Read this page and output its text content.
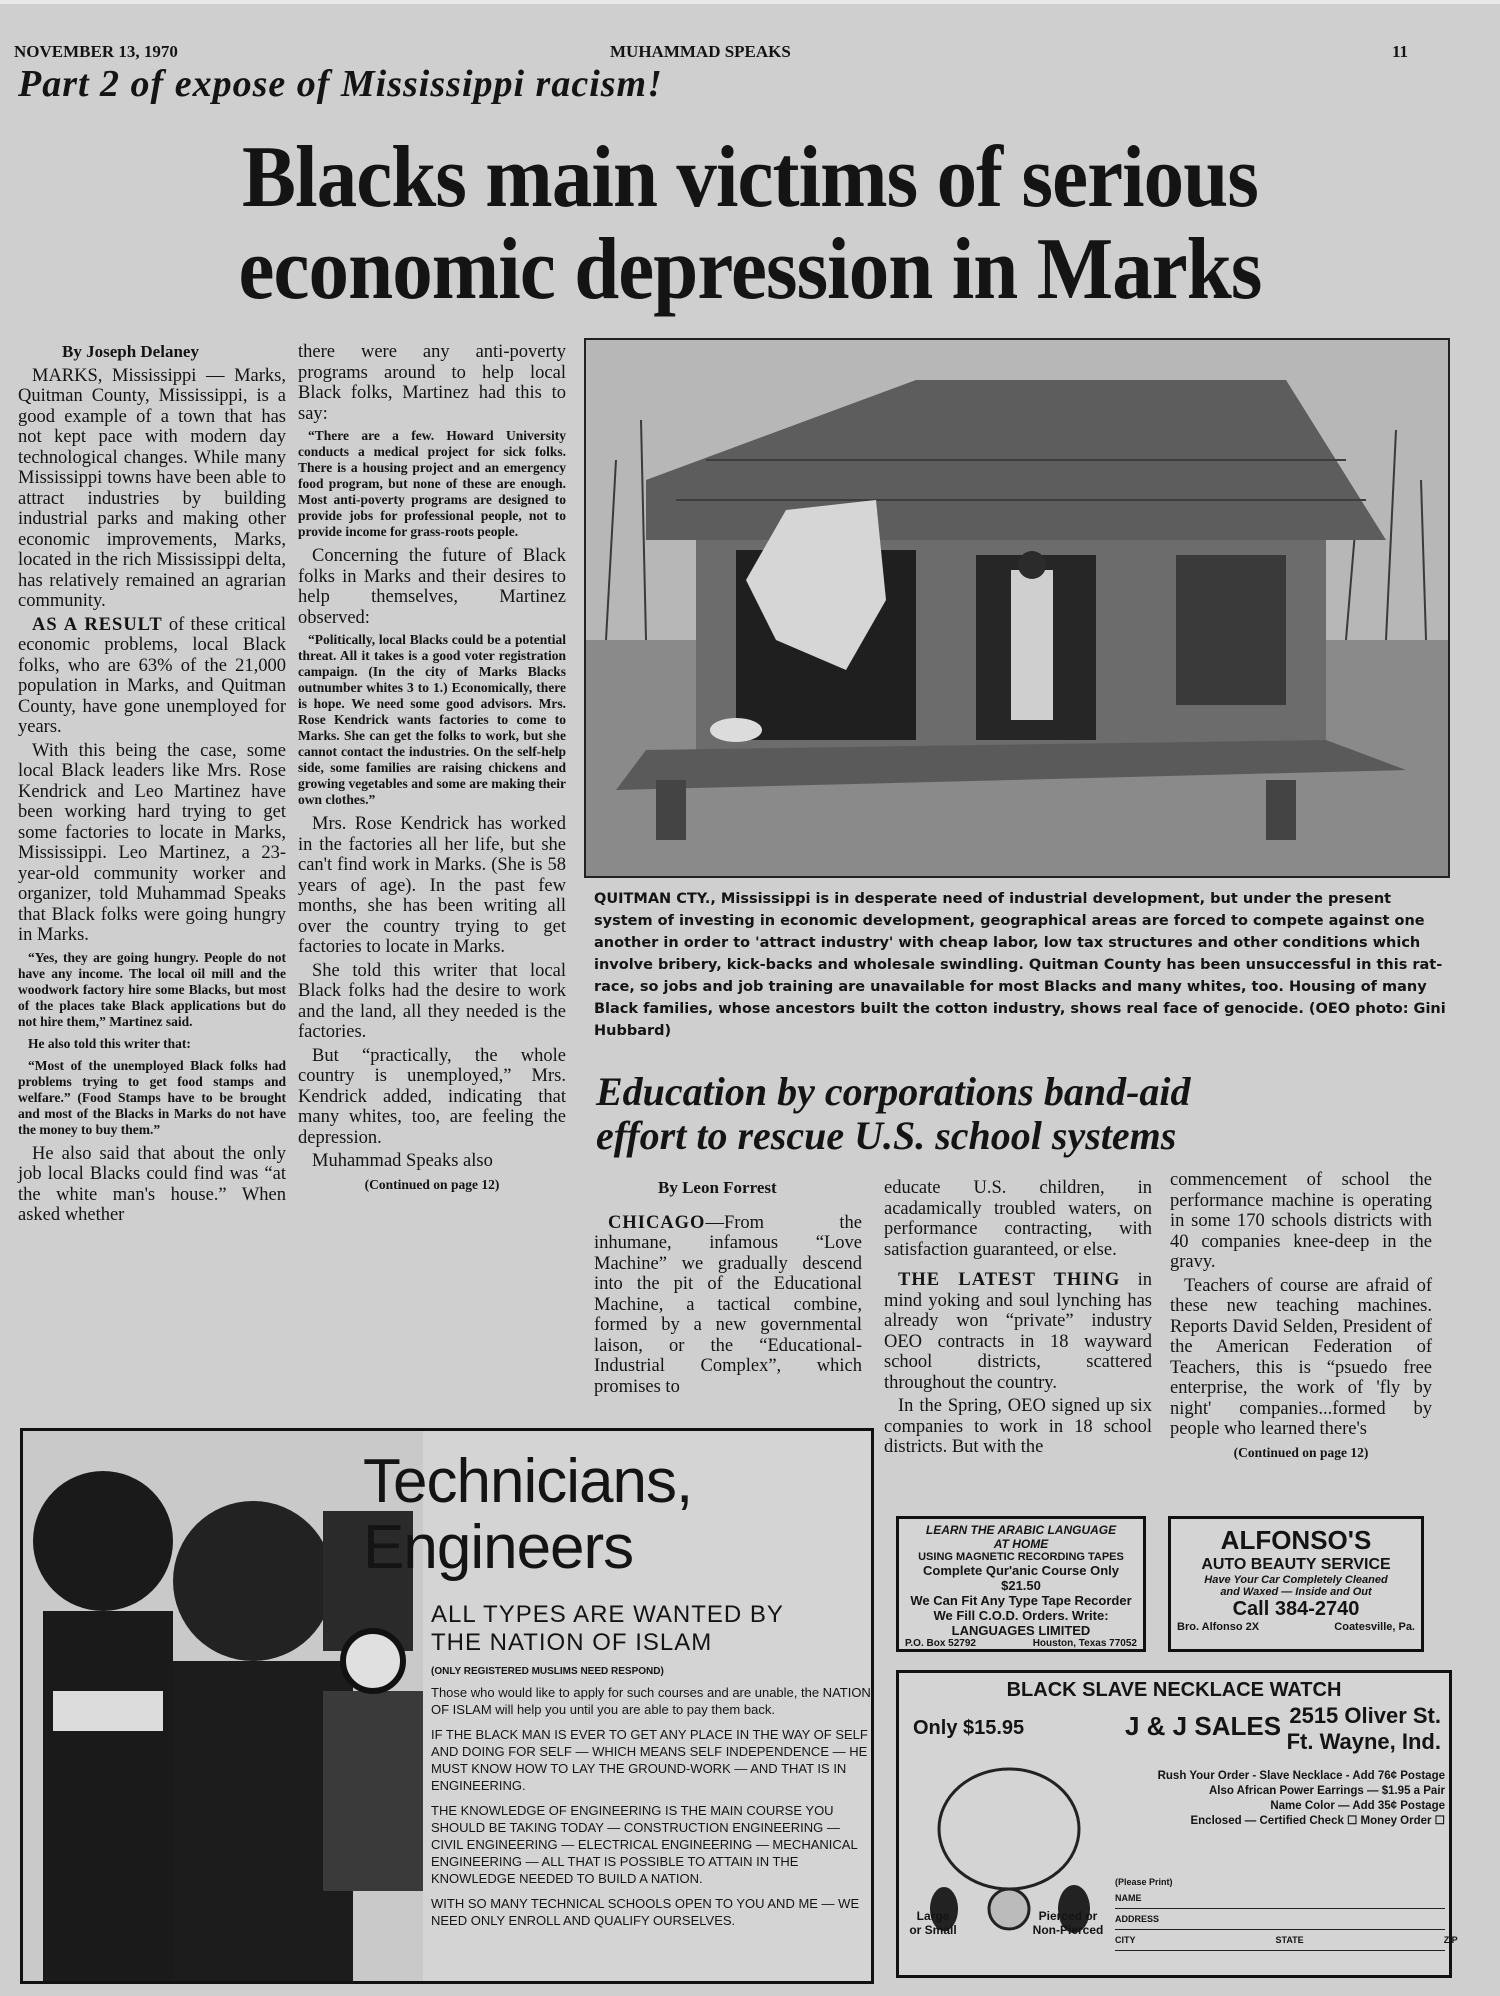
NOVEMBER 13, 1970	MUHAMMAD SPEAKS	11
Part 2 of expose of Mississippi racism!
Blacks main victims of serious
economic depression in Marks

By Joseph Delaney

MARKS, Mississippi — Marks, Quitman County, Mississippi, is a good example of a town that has not kept pace with modern day technological changes. While many Mississippi towns have been able to attract industries by building industrial parks and making other economic improvements, Marks, located in the rich Mississippi delta, has relatively remained an agrarian community.

AS A RESULT of these critical economic problems, local Black folks, who are 63% of the 21,000 population in Marks, and Quitman County, have gone unemployed for years.

With this being the case, some local Black leaders like Mrs. Rose Kendrick and Leo Martinez have been working hard trying to get some factories to locate in Marks, Mississippi. Leo Martinez, a 23-year-old community worker and organizer, told Muhammad Speaks that Black folks were going hungry in Marks.

“Yes, they are going hungry. People do not have any income. The local oil mill and the woodwork factory hire some Blacks, but most of the places take Black applications but do not hire them,” Martinez said.

He also told this writer that:

“Most of the unemployed Black folks had problems trying to get food stamps and welfare.” (Food Stamps have to be brought and most of the Blacks in Marks do not have the money to buy them.”

He also said that about the only job local Blacks could find was “at the white man's house.” When asked whether

there were any anti-poverty programs around to help local Black folks, Martinez had this to say:

“There are a few. Howard University conducts a medical project for sick folks. There is a housing project and an emergency food program, but none of these are enough. Most anti-poverty programs are designed to provide jobs for professional people, not to provide income for grass-roots people.

Concerning the future of Black folks in Marks and their desires to help themselves, Martinez observed:

“Politically, local Blacks could be a potential threat. All it takes is a good voter registration campaign. (In the city of Marks Blacks outnumber whites 3 to 1.) Economically, there is hope. We need some good advisors. Mrs. Rose Kendrick wants factories to come to Marks. She can get the folks to work, but she cannot contact the industries. On the self-help side, some families are raising chickens and growing vegetables and some are making their own clothes.”

Mrs. Rose Kendrick has worked in the factories all her life, but she can't find work in Marks. (She is 58 years of age). In the past few months, she has been writing all over the country trying to get factories to locate in Marks.

She told this writer that local Black folks had the desire to work and the land, all they needed is the factories.

But “practically, the whole country is unemployed,” Mrs. Kendrick added, indicating that many whites, too, are feeling the depression.

Muhammad Speaks also

(Continued on page 12)

QUITMAN CTY., Mississippi is in desperate need of industrial development, but under the present system of investing in economic development, geographical areas are forced to compete against one another in order to 'attract industry' with cheap labor, low tax structures and other conditions which involve bribery, kick-backs and wholesale swindling. Quitman County has been unsuccessful in this rat-race, so jobs and job training are unavailable for most Blacks and many whites, too. Housing of many Black families, whose ancestors built the cotton industry, shows real face of genocide. (OEO photo: Gini Hubbard)
Education by corporations band-aid
effort to rescue U.S. school systems

By Leon Forrest

CHICAGO—From the inhumane, infamous “Love Machine” we gradually descend into the pit of the Educational Machine, a tactical combine, formed by a new governmental laison, or the “Educational-Industrial Complex”, which promises to

educate U.S. children, in acadamically troubled waters, on performance contracting, with satisfaction guaranteed, or else.

THE LATEST THING in mind yoking and soul lynching has already won “private” industry OEO contracts in 18 wayward school districts, scattered throughout the country.

In the Spring, OEO signed up six companies to work in 18 school districts. But with the

commencement of school the performance machine is operating in some 170 schools districts with 40 companies knee-deep in the gravy.

Teachers of course are afraid of these new teaching machines. Reports David Selden, President of the American Federation of Teachers, this is “psuedo free enterprise, the work of 'fly by night' companies...formed by people who learned there's

(Continued on page 12)

Technicians,
Engineers
ALL TYPES ARE WANTED BY
THE NATION OF ISLAM
(ONLY REGISTERED MUSLIMS NEED RESPOND)

Those who would like to apply for such courses and are unable, the NATION OF ISLAM will help you until you are able to pay them back.

IF THE BLACK MAN IS EVER TO GET ANY PLACE IN THE WAY OF SELF AND DOING FOR SELF — WHICH MEANS SELF INDEPENDENCE — HE MUST KNOW HOW TO LAY THE GROUND-WORK — AND THAT IS IN ENGINEERING.

THE KNOWLEDGE OF ENGINEERING IS THE MAIN COURSE YOU SHOULD BE TAKING TODAY — CONSTRUCTION ENGINEERING — CIVIL ENGINEERING — ELECTRICAL ENGINEERING — MECHANICAL ENGINEERING — ALL THAT IS POSSIBLE TO ATTAIN IN THE KNOWLEDGE NEEDED TO BUILD A NATION.

WITH SO MANY TECHNICAL SCHOOLS OPEN TO YOU AND ME — WE NEED ONLY ENROLL AND QUALIFY OURSELVES.

LEARN THE ARABIC LANGUAGE
AT HOME
USING MAGNETIC RECORDING TAPES
Complete Qur'anic Course Only $21.50
We Can Fit Any Type Tape Recorder
We Fill C.O.D. Orders. Write:
LANGUAGES LIMITED
P.O. Box 52792	Houston, Texas 77052
ALFONSO'S
AUTO BEAUTY SERVICE
Have Your Car Completely Cleaned
and Waxed — Inside and Out
Call 384-2740
Bro. Alfonso 2X	Coatesville, Pa.
BLACK SLAVE NECKLACE WATCH
Only $15.95	J & J SALES 2515 Oliver St.
Ft. Wayne, Ind.
Large
or Small
Pierced or
Non-Pierced
Rush Your Order - Slave Necklace - Add 76¢ Postage
Also African Power Earrings — $1.95 a Pair
Name Color — Add 35¢ Postage
Enclosed — Certified Check ☐ Money Order ☐
(Please Print)
NAME
ADDRESS
CITY	STATE	ZIP
